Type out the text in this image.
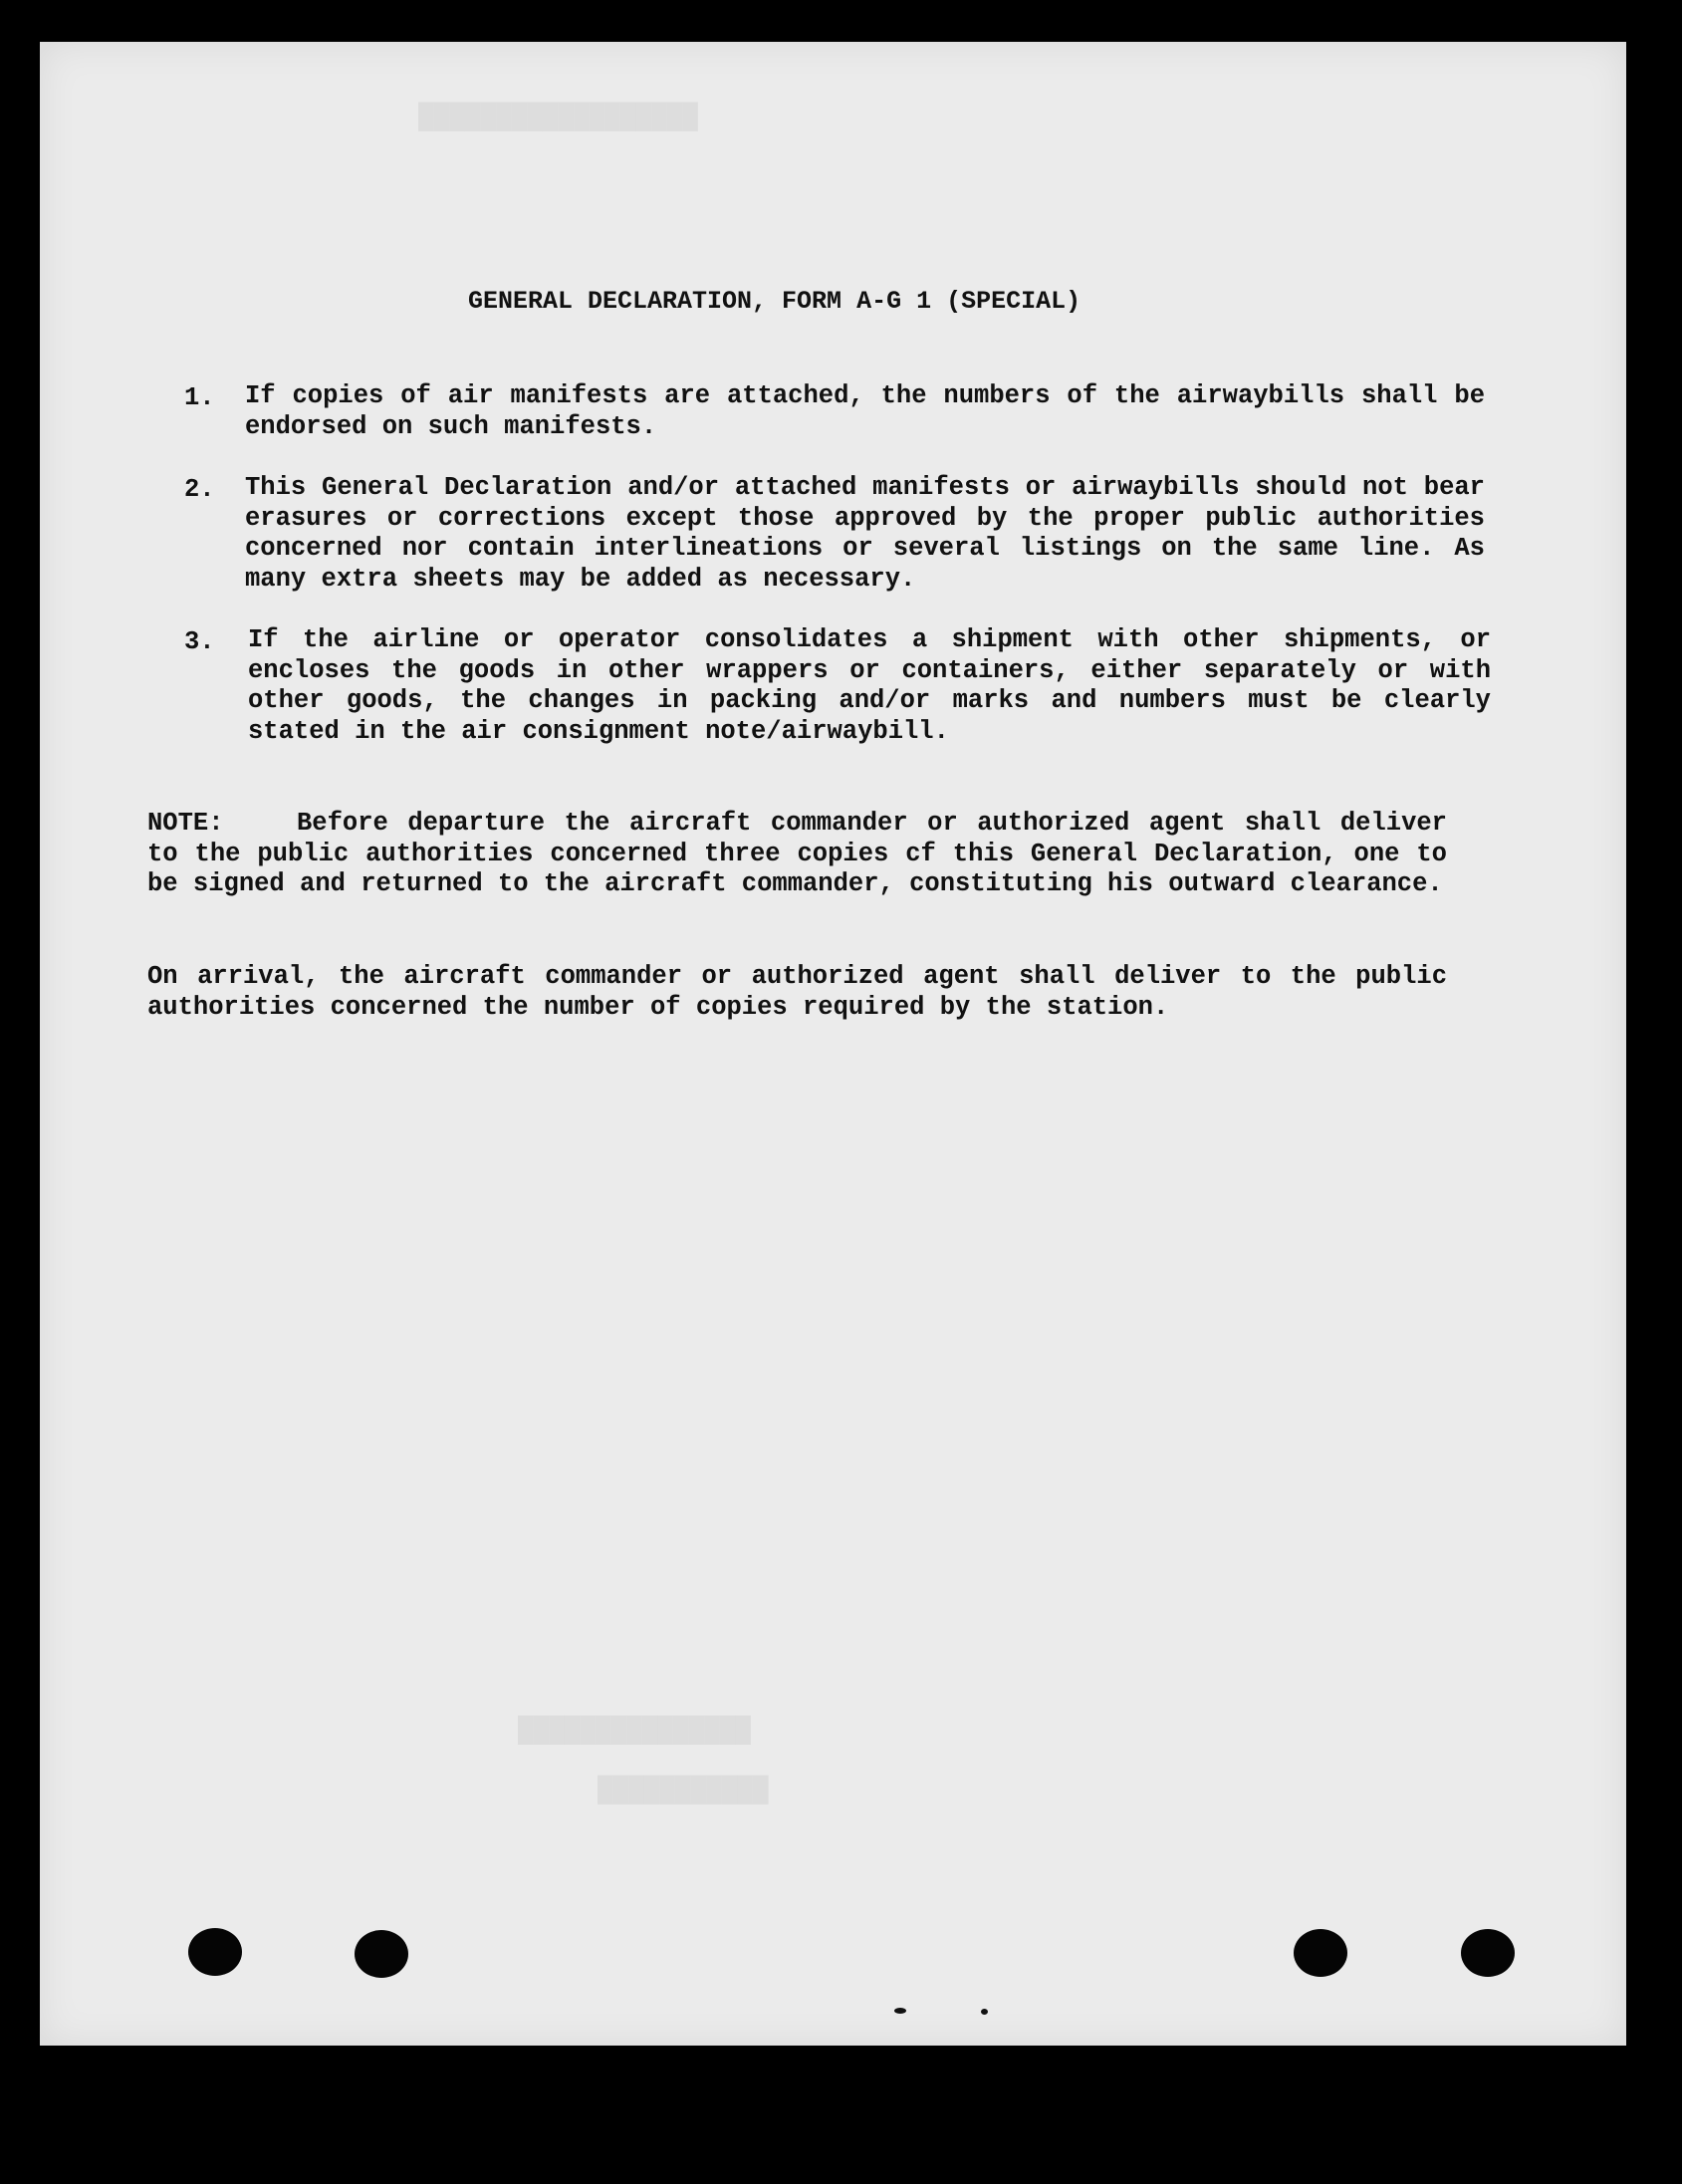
██████████████████
███████████████
███████████
GENERAL DECLARATION, FORM A-G 1 (SPECIAL)
1. If copies of air manifests are attached, the numbers of the airwaybills shall be endorsed on such manifests.
2. This General Declaration and/or attached manifests or airwaybills should not bear erasures or corrections except those approved by the proper public authorities concerned nor contain interlineations or several listings on the same line. As many extra sheets may be added as necessary.
3. If the airline or operator consolidates a shipment with other shipments, or encloses the goods in other wrappers or containers, either separately or with other goods, the changes in packing and/or marks and numbers must be clearly stated in the air consignment note/airwaybill.
NOTE:	Before departure the aircraft commander or authorized agent shall deliver to the public authorities concerned three copies cf this General Declaration, one to be signed and returned to the aircraft commander, constituting his outward clearance.
On arrival, the aircraft commander or authorized agent shall deliver to the public authorities concerned the number of copies required by the station.
